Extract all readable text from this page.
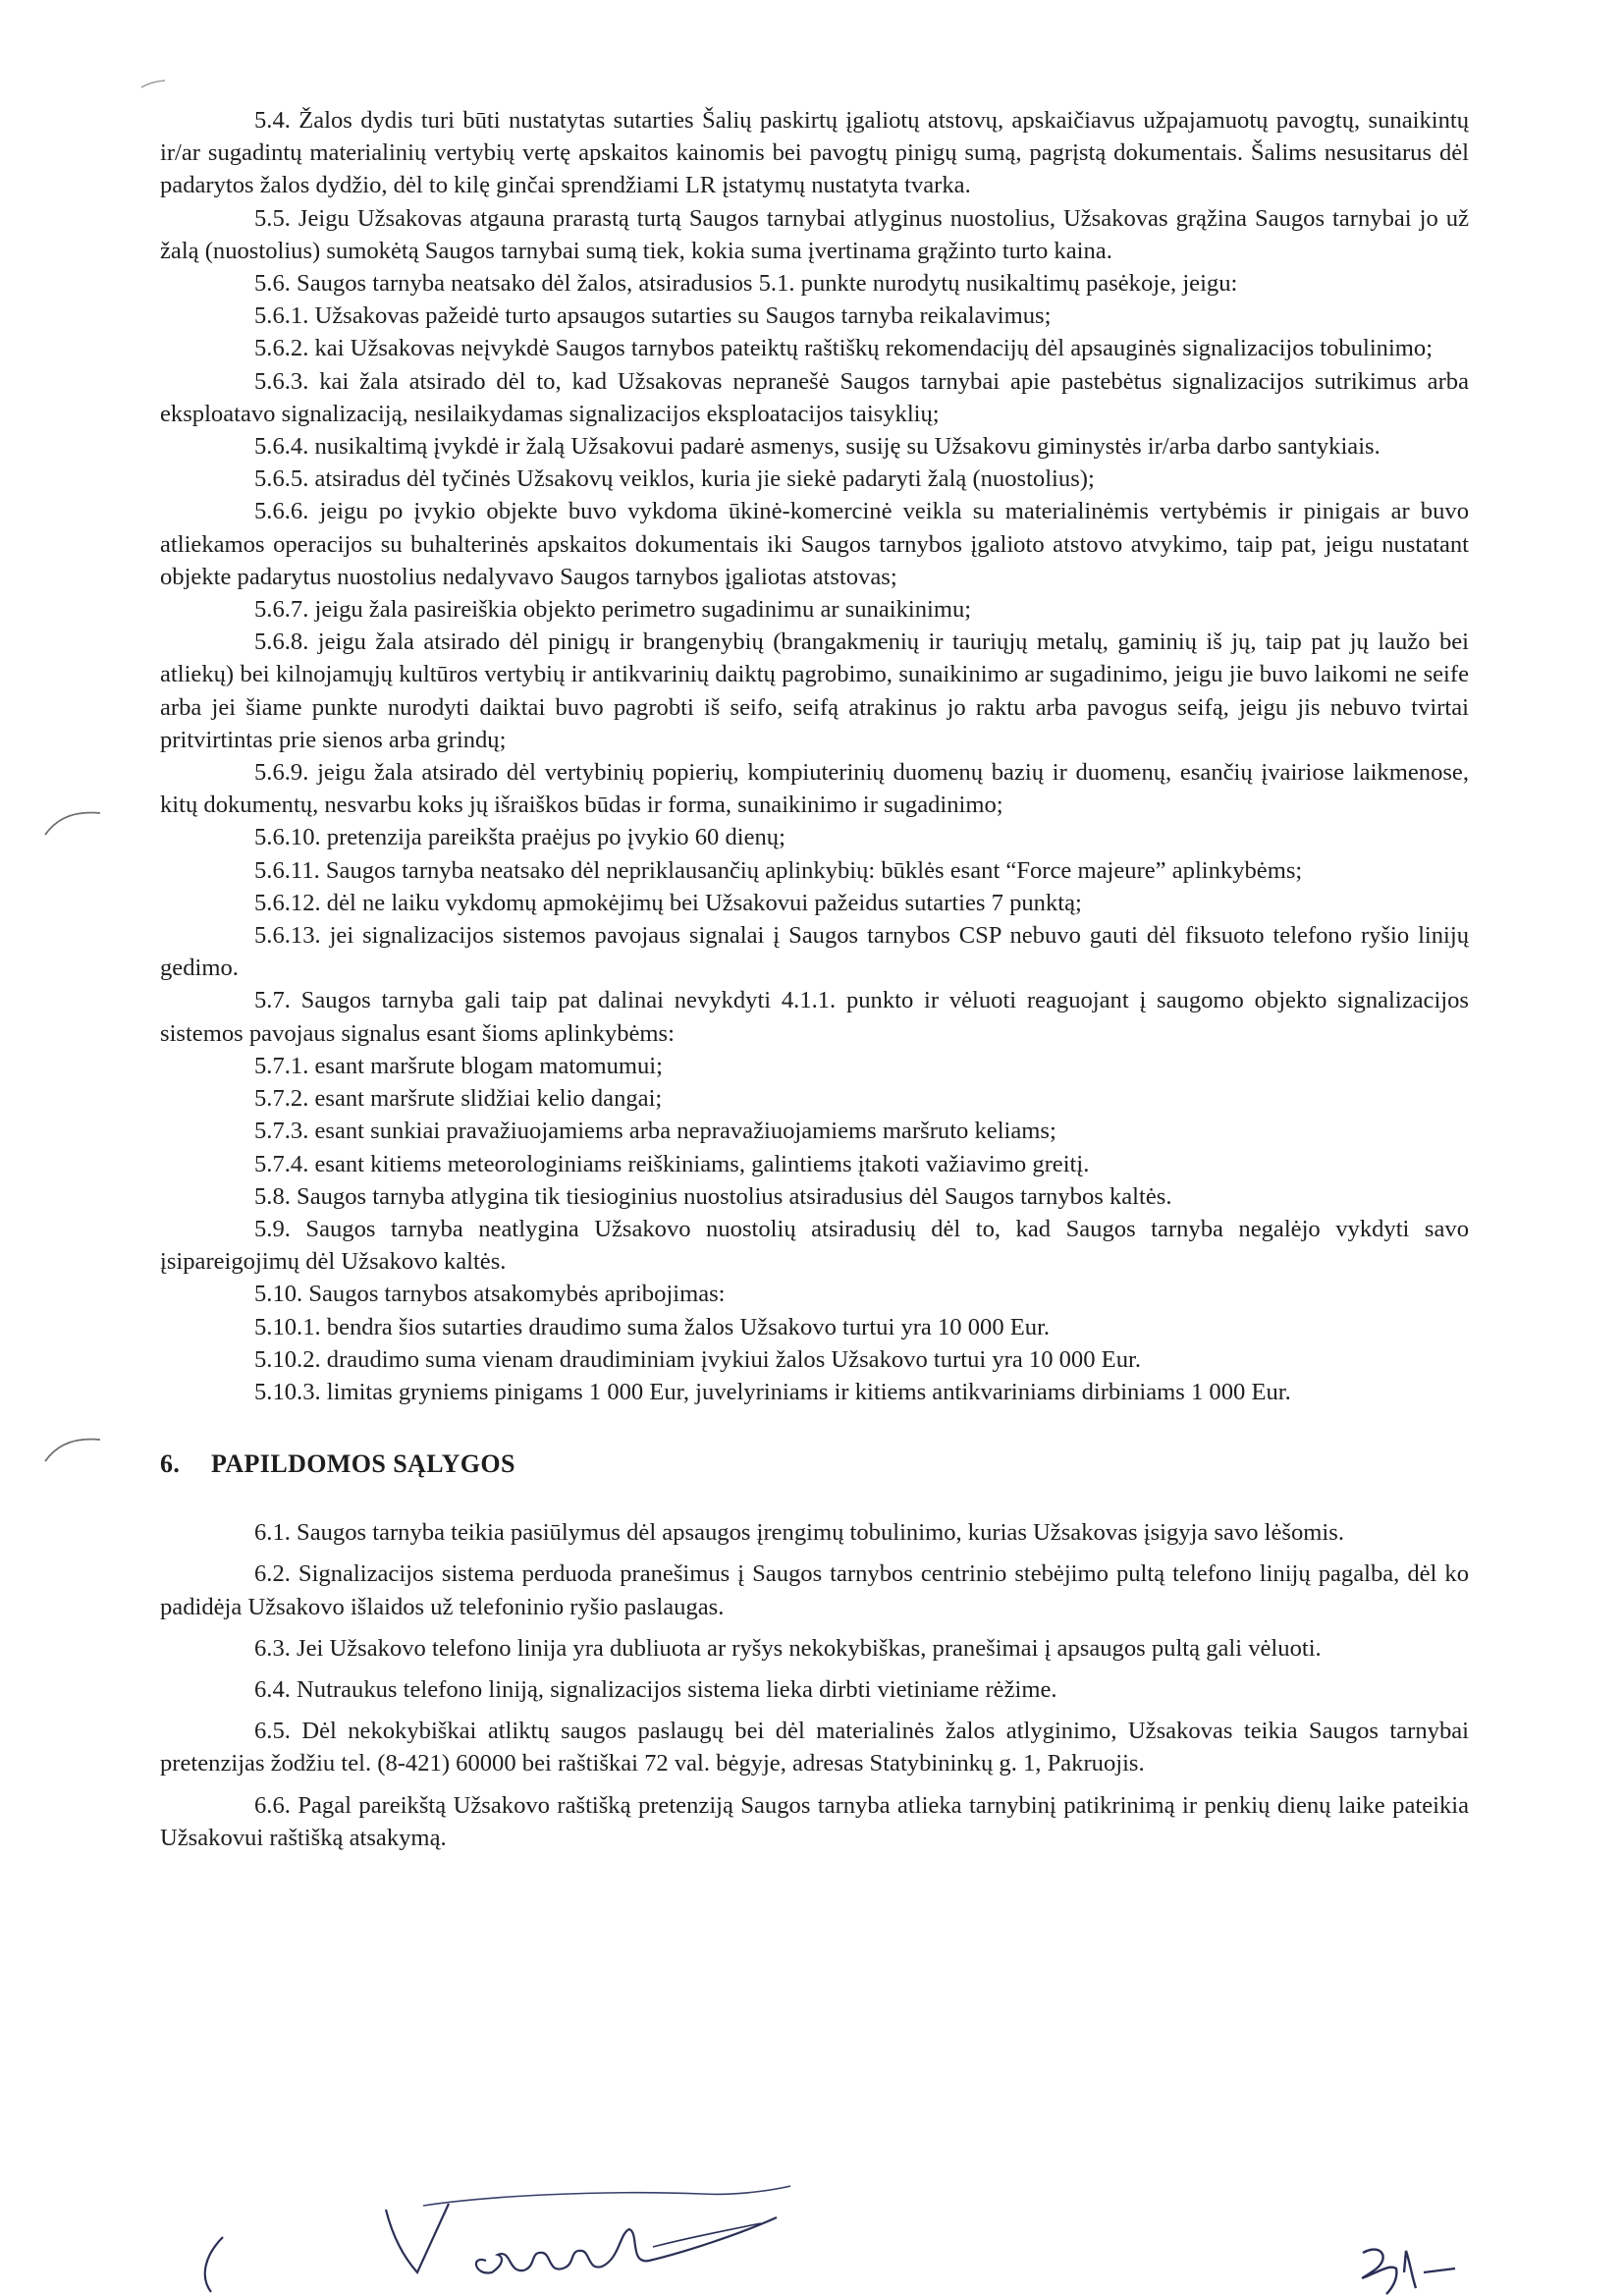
5.4. Žalos dydis turi būti nustatytas sutarties Šalių paskirtų įgaliotų atstovų, apskaičiavus užpajamuotų pavogtų, sunaikintų ir/ar sugadintų materialinių vertybių vertę apskaitos kainomis bei pavogtų pinigų sumą, pagrįstą dokumentais. Šalims nesusitarus dėl padarytos žalos dydžio, dėl to kilę ginčai sprendžiami LR įstatymų nustatyta tvarka.

5.5. Jeigu Užsakovas atgauna prarastą turtą Saugos tarnybai atlyginus nuostolius, Užsakovas grąžina Saugos tarnybai jo už žalą (nuostolius) sumokėtą Saugos tarnybai sumą tiek, kokia suma įvertinama grąžinto turto kaina.

5.6. Saugos tarnyba neatsako dėl žalos, atsiradusios 5.1. punkte nurodytų nusikaltimų pasėkoje, jeigu:

5.6.1. Užsakovas pažeidė turto apsaugos sutarties su Saugos tarnyba reikalavimus;

5.6.2. kai Užsakovas neįvykdė Saugos tarnybos pateiktų raštiškų rekomendacijų dėl apsauginės signalizacijos tobulinimo;

5.6.3. kai žala atsirado dėl to, kad Užsakovas nepranešė Saugos tarnybai apie pastebėtus signalizacijos sutrikimus arba eksploatavo signalizaciją, nesilaikydamas signalizacijos eksploatacijos taisyklių;

5.6.4. nusikaltimą įvykdė ir žalą Užsakovui padarė asmenys, susiję su Užsakovu giminystės ir/arba darbo santykiais.

5.6.5. atsiradus dėl tyčinės Užsakovų veiklos, kuria jie siekė padaryti žalą (nuostolius);

5.6.6. jeigu po įvykio objekte buvo vykdoma ūkinė-komercinė veikla su materialinėmis vertybėmis ir pinigais ar buvo atliekamos operacijos su buhalterinės apskaitos dokumentais iki Saugos tarnybos įgalioto atstovo atvykimo, taip pat, jeigu nustatant objekte padarytus nuostolius nedalyvavo Saugos tarnybos įgaliotas atstovas;

5.6.7. jeigu žala pasireiškia objekto perimetro sugadinimu ar sunaikinimu;

5.6.8. jeigu žala atsirado dėl pinigų ir brangenybių (brangakmenių ir tauriųjų metalų, gaminių iš jų, taip pat jų laužo bei atliekų) bei kilnojamųjų kultūros vertybių ir antikvarinių daiktų pagrobimo, sunaikinimo ar sugadinimo, jeigu jie buvo laikomi ne seife arba jei šiame punkte nurodyti daiktai buvo pagrobti iš seifo, seifą atrakinus jo raktu arba pavogus seifą, jeigu jis nebuvo tvirtai pritvirtintas prie sienos arba grindų;

5.6.9. jeigu žala atsirado dėl vertybinių popierių, kompiuterinių duomenų bazių ir duomenų, esančių įvairiose laikmenose, kitų dokumentų, nesvarbu koks jų išraiškos būdas ir forma, sunaikinimo ir sugadinimo;

5.6.10. pretenzija pareikšta praėjus po įvykio 60 dienų;

5.6.11. Saugos tarnyba neatsako dėl nepriklausančių aplinkybių: būklės esant “Force majeure” aplinkybėms;

5.6.12. dėl ne laiku vykdomų apmokėjimų bei Užsakovui pažeidus sutarties 7 punktą;

5.6.13. jei signalizacijos sistemos pavojaus signalai į Saugos tarnybos CSP nebuvo gauti dėl fiksuoto telefono ryšio linijų gedimo.

5.7. Saugos tarnyba gali taip pat dalinai nevykdyti 4.1.1. punkto ir vėluoti reaguojant į saugomo objekto signalizacijos sistemos pavojaus signalus esant šioms aplinkybėms:

5.7.1. esant maršrute blogam matomumui;

5.7.2. esant maršrute slidžiai kelio dangai;

5.7.3. esant sunkiai pravažiuojamiems arba nepravažiuojamiems maršruto keliams;

5.7.4. esant kitiems meteorologiniams reiškiniams, galintiems įtakoti važiavimo greitį.

5.8. Saugos tarnyba atlygina tik tiesioginius nuostolius atsiradusius dėl Saugos tarnybos kaltės.

5.9. Saugos tarnyba neatlygina Užsakovo nuostolių atsiradusių dėl to, kad Saugos tarnyba negalėjo vykdyti savo įsipareigojimų dėl Užsakovo kaltės.

5.10. Saugos tarnybos atsakomybės apribojimas:

5.10.1. bendra šios sutarties draudimo suma žalos Užsakovo turtui yra 10 000 Eur.

5.10.2. draudimo suma vienam draudiminiam įvykiui žalos Užsakovo turtui yra 10 000 Eur.

5.10.3. limitas gryniems pinigams 1 000 Eur, juvelyriniams ir kitiems antikvariniams dirbiniams 1 000 Eur.

6. PAPILDOMOS SĄLYGOS

6.1. Saugos tarnyba teikia pasiūlymus dėl apsaugos įrengimų tobulinimo, kurias Užsakovas įsigyja savo lėšomis.

6.2. Signalizacijos sistema perduoda pranešimus į Saugos tarnybos centrinio stebėjimo pultą telefono linijų pagalba, dėl ko padidėja Užsakovo išlaidos už telefoninio ryšio paslaugas.

6.3. Jei Užsakovo telefono linija yra dubliuota ar ryšys nekokybiškas, pranešimai į apsaugos pultą gali vėluoti.

6.4. Nutraukus telefono liniją, signalizacijos sistema lieka dirbti vietiniame rėžime.

6.5. Dėl nekokybiškai atliktų saugos paslaugų bei dėl materialinės žalos atlyginimo, Užsakovas teikia Saugos tarnybai pretenzijas žodžiu tel. (8-421) 60000 bei raštiškai 72 val. bėgyje, adresas Statybininkų g. 1, Pakruojis.

6.6. Pagal pareikštą Užsakovo raštišką pretenziją Saugos tarnyba atlieka tarnybinį patikrinimą ir penkių dienų laike pateikia Užsakovui raštišką atsakymą.
